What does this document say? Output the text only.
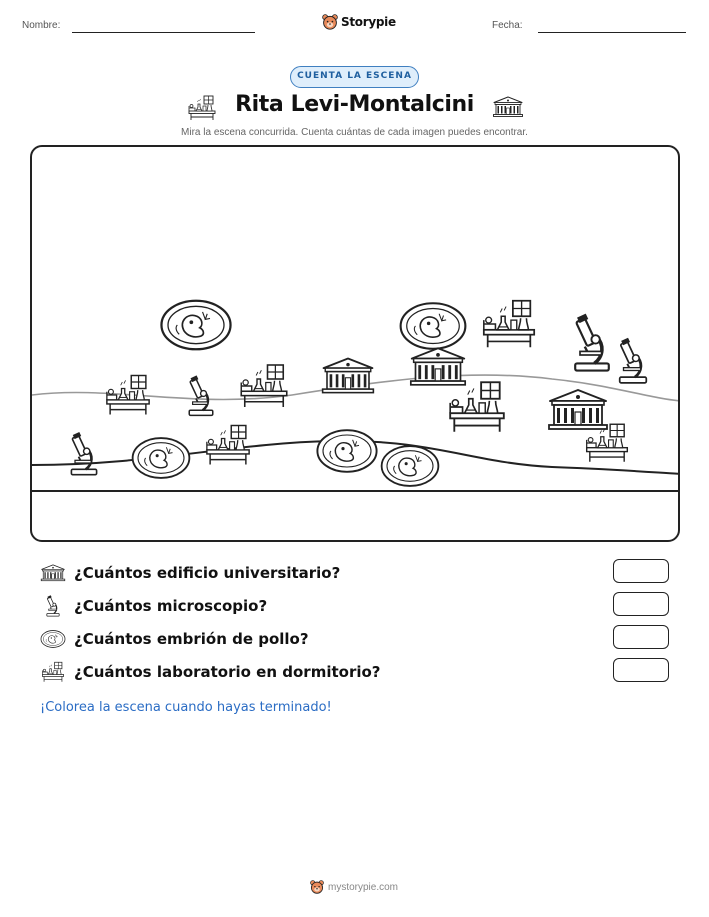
Nombre:	Storypie	Fecha:
CUENTA LA ESCENA
Rita Levi-Montalcini
Mira la escena concurrida. Cuenta cuántas de cada imagen puedes encontrar.
¿Cuántos edificio universitario?
¿Cuántos microscopio?
¿Cuántos embrión de pollo?
¿Cuántos laboratorio en dormitorio?
¡Colorea la escena cuando hayas terminado!
mystorypie.com
